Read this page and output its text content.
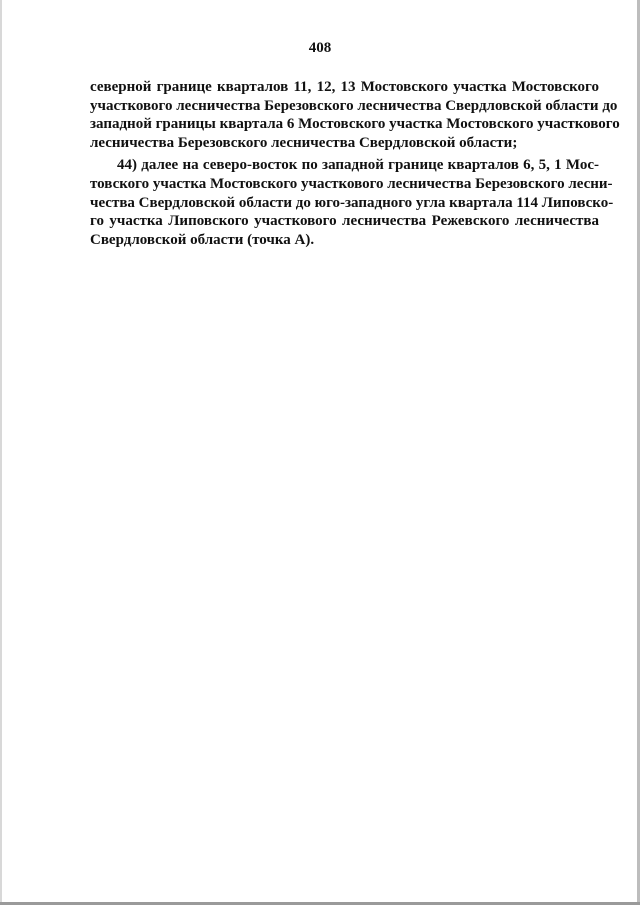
408

северной границе кварталов 11, 12, 13 Мостовского участка Мостовского
участкового лесничества Березовского лесничества Свердловской области до
западной границы квартала 6 Мостовского участка Мостовского участкового
лесничества Березовского лесничества Свердловской области;

44) далее на северо-восток по западной границе кварталов 6, 5, 1 Мос-
товского участка Мостовского участкового лесничества Березовского лесни-
чества Свердловской области до юго-западного угла квартала 114 Липовско-
го участка Липовского участкового лесничества Режевского лесничества
Свердловской области (точка А).
